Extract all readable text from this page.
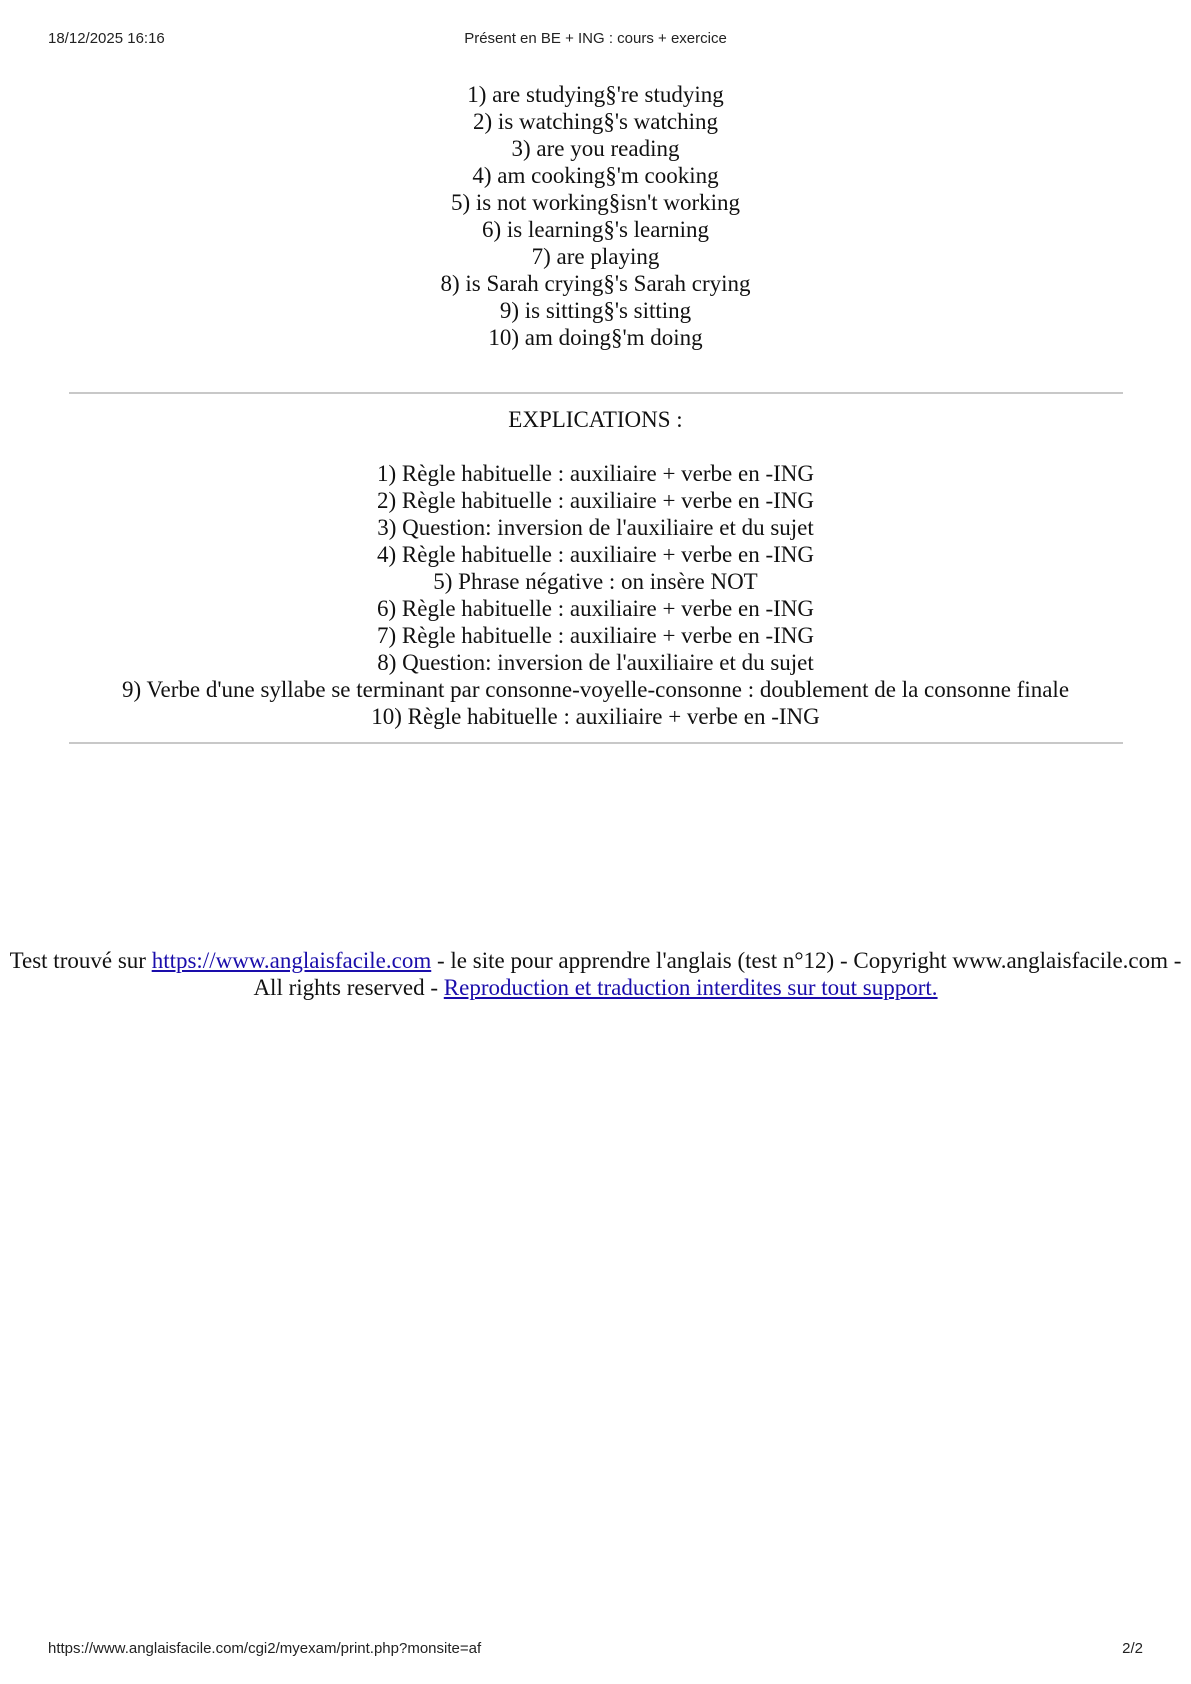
Présent en BE + ING : cours + exercice
18/12/2025 16:16
1) are studying§'re studying
2) is watching§'s watching
3) are you reading
4) am cooking§'m cooking
5) is not working§isn't working
6) is learning§'s learning
7) are playing
8) is Sarah crying§'s Sarah crying
9) is sitting§'s sitting
10) am doing§'m doing
EXPLICATIONS :
1) Règle habituelle : auxiliaire + verbe en -ING
2) Règle habituelle : auxiliaire + verbe en -ING
3) Question: inversion de l'auxiliaire et du sujet
4) Règle habituelle : auxiliaire + verbe en -ING
5) Phrase négative : on insère NOT
6) Règle habituelle : auxiliaire + verbe en -ING
7) Règle habituelle : auxiliaire + verbe en -ING
8) Question: inversion de l'auxiliaire et du sujet
9) Verbe d'une syllabe se terminant par consonne-voyelle-consonne : doublement de la consonne finale
10) Règle habituelle : auxiliaire + verbe en -ING
Test trouvé sur https://www.anglaisfacile.com - le site pour apprendre l'anglais (test n°12) - Copyright www.anglaisfacile.com - All rights reserved - Reproduction et traduction interdites sur tout support.
https://www.anglaisfacile.com/cgi2/myexam/print.php?monsite=af	2/2
